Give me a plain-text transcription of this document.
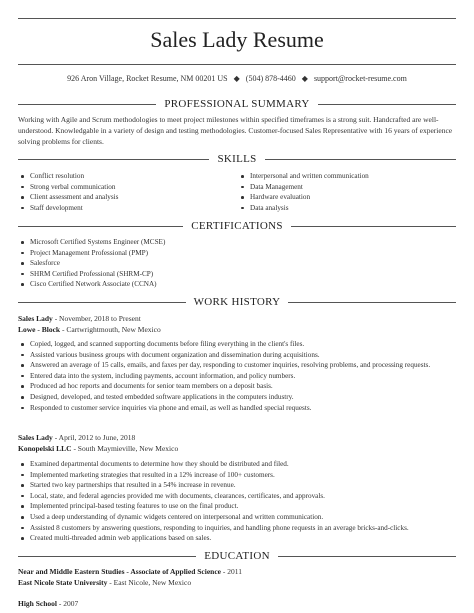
Sales Lady Resume
926 Aron Village, Rocket Resume, NM 00201 US ◆ (504) 878-4460 ◆ support@rocket-resume.com
PROFESSIONAL SUMMARY

Working with Agile and Scrum methodologies to meet project milestones within specified timeframes is a strong suit. Handcrafted are well-understood. Knowledgable in a variety of design and testing methodologies. Customer-focused Sales Representative with 16 years of experience solving problems for clients.

SKILLS
Conflict resolution
Strong verbal communication
Client assessment and analysis
Staff development
Interpersonal and written communication
Data Management
Hardware evaluation
Data analysis
CERTIFICATIONS
Microsoft Certified Systems Engineer (MCSE)
Project Management Professional (PMP)
Salesforce
SHRM Certified Professional (SHRM-CP)
Cisco Certified Network Associate (CCNA)
WORK HISTORY
Sales Lady - November, 2018 to Present
Lowe - Block - Cartwrightmouth, New Mexico
Copied, logged, and scanned supporting documents before filing everything in the client's files.
Assisted various business groups with document organization and dissemination during acquisitions.
Answered an average of 15 calls, emails, and faxes per day, responding to customer inquiries, resolving problems, and processing requests.
Entered data into the system, including payments, account information, and policy numbers.
Produced ad hoc reports and documents for senior team members on a deposit basis.
Designed, developed, and tested embedded software applications in the computers industry.
Responded to customer service inquiries via phone and email, as well as handled special requests.
Sales Lady - April, 2012 to June, 2018
Konopelski LLC - South Maymieville, New Mexico
Examined departmental documents to determine how they should be distributed and filed.
Implemented marketing strategies that resulted in a 12% increase of 100+ customers.
Started two key partnerships that resulted in a 54% increase in revenue.
Local, state, and federal agencies provided me with documents, clearances, certificates, and approvals.
Implemented principal-based testing features to use on the final product.
Used a deep understanding of dynamic widgets centered on interpersonal and written communication.
Assisted 8 customers by answering questions, responding to inquiries, and handling phone requests in an average bricks-and-clicks.
Created multi-threaded admin web applications based on sales.
EDUCATION
Near and Middle Eastern Studies - Associate of Applied Science - 2011
East Nicole State University - East Nicole, New Mexico
High School - 2007
